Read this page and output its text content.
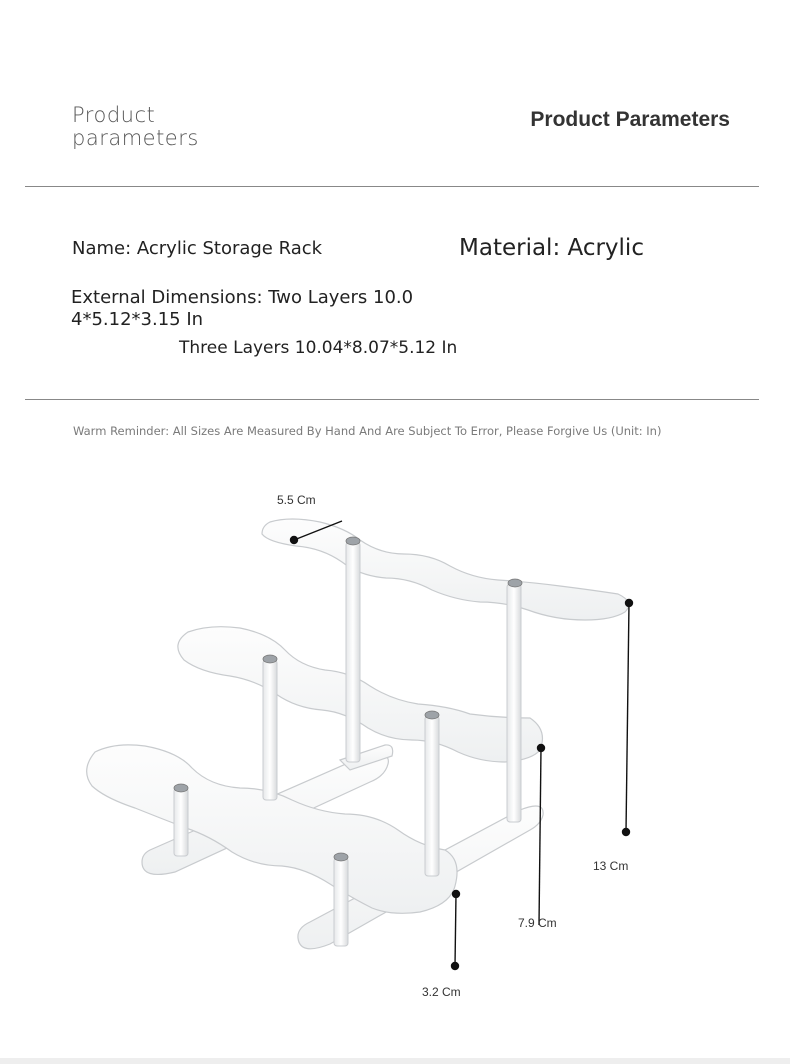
Product
parameters
Product Parameters
Name: Acrylic Storage Rack	Material: Acrylic
External Dimensions: Two Layers 10.0
4*5.12*3.15 In
Three Layers 10.04*8.07*5.12 In
Warm Reminder: All Sizes Are Measured By Hand And Are Subject To Error, Please Forgive Us (Unit: In)
5.5 Cm
13 Cm
7.9 Cm
3.2 Cm
